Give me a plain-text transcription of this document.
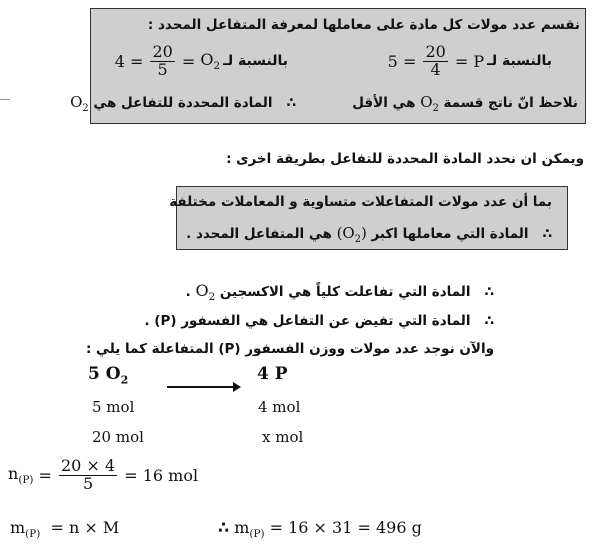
نقسم عدد مولات كل مادة على معاملها لمعرفة المتفاعل المحدد :
بالنسبة لـ
$5 = \frac{20}{4} = P$
بالنسبة لـ
$4 = \frac{20}{5} = O_2$
نلاحظ انّ ناتج قسمة $O_2$ هي الأقل
∴   المادة المحددة للتفاعل هي $O_2$
ويمكن ان نحدد المادة المحددة للتفاعل بطريقة اخرى :
بما أن عدد مولات المتفاعلات متساوية و المعاملات مختلفة
∴   المادة التي معاملها اكبر $(O_2)$ هي المتفاعل المحدد .
∴   المادة التي تفاعلت كلياً هي الاكسجين $O_2$ .
∴   المادة التي تفيض عن التفاعل هي الفسفور (P) .
والآن نوجد عدد مولات ووزن الفسفور (P) المتفاعلة كما يلي :
5 $O_2$	4 P
5 mol	4 mol
20 mol	x mol
$n_{(P)} = \frac{20 \times 4}{5}$
= 16 mol
$m_{(P)} = n \times M$	∴ $m_{(P)} = 16 \times 31 = 496$ g
